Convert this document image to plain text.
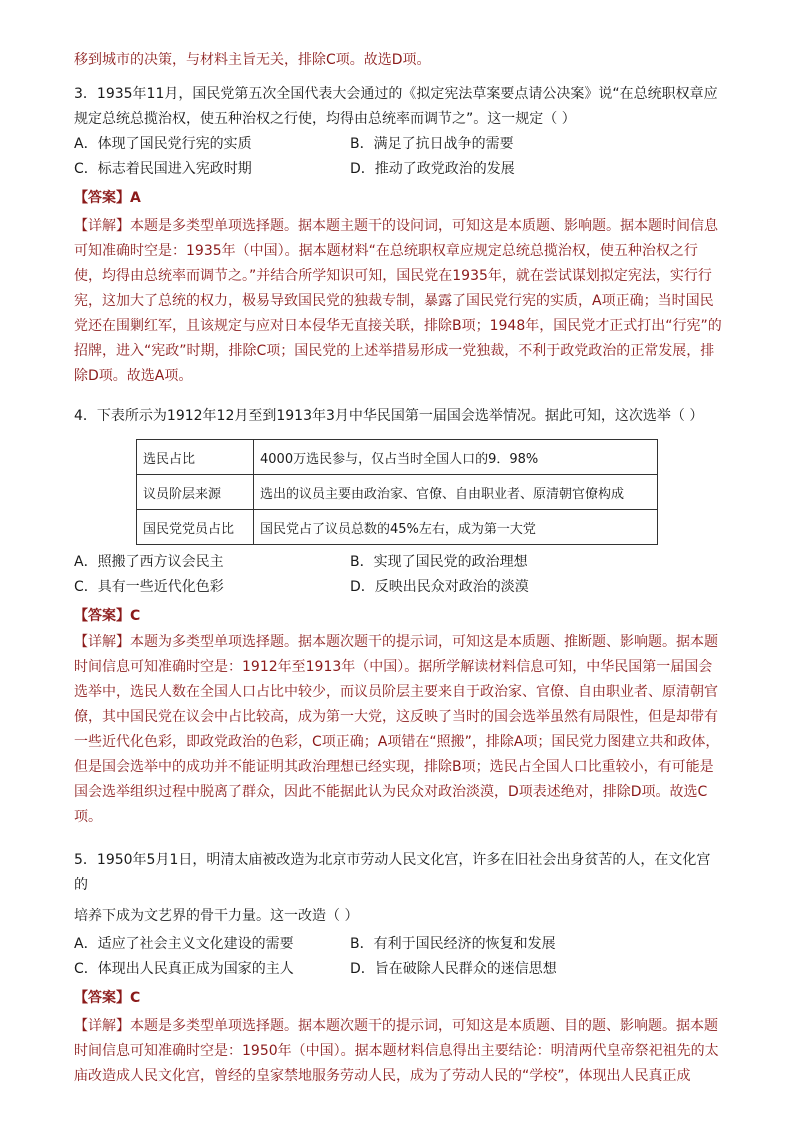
移到城市的决策，与材料主旨无关，排除C项。故选D项。

3．1935年11月，国民党第五次全国代表大会通过的《拟定宪法草案要点请公决案》说“在总统职权章应规定总统总揽治权，使五种治权之行使，均得由总统率而调节之”。这一规定（ ）

A．体现了国民党行宪的实质	B．满足了抗日战争的需要
C．标志着民国进入宪政时期	D．推动了政党政治的发展

【答案】A

【详解】本题是多类型单项选择题。据本题主题干的设问词，可知这是本质题、影响题。据本题时间信息可知准确时空是：1935年（中国）。据本题材料“在总统职权章应规定总统总揽治权，使五种治权之行使，均得由总统率而调节之。”并结合所学知识可知，国民党在1935年，就在尝试谋划拟定宪法，实行行宪，这加大了总统的权力，极易导致国民党的独裁专制，暴露了国民党行宪的实质，A项正确；当时国民党还在围剿红军，且该规定与应对日本侵华无直接关联，排除B项；1948年，国民党才正式打出“行宪”的招牌，进入“宪政”时期，排除C项；国民党的上述举措易形成一党独裁，不利于政党政治的正常发展，排除D项。故选A项。

4．下表所示为1912年12月至到1913年3月中华民国第一届国会选举情况。据此可知，这次选举（ ）

选民占比	4000万选民参与，仅占当时全国人口的9．98%
议员阶层来源	选出的议员主要由政治家、官僚、自由职业者、原清朝官僚构成
国民党党员占比	国民党占了议员总数的45%左右，成为第一大党
A．照搬了西方议会民主	B．实现了国民党的政治理想
C．具有一些近代化色彩	D．反映出民众对政治的淡漠

【答案】C

【详解】本题为多类型单项选择题。据本题次题干的提示词，可知这是本质题、推断题、影响题。据本题时间信息可知准确时空是：1912年至1913年（中国）。据所学解读材料信息可知，中华民国第一届国会选举中，选民人数在全国人口占比中较少，而议员阶层主要来自于政治家、官僚、自由职业者、原清朝官僚，其中国民党在议会中占比较高，成为第一大党，这反映了当时的国会选举虽然有局限性，但是却带有一些近代化色彩，即政党政治的色彩，C项正确；A项错在“照搬”，排除A项；国民党力图建立共和政体，但是国会选举中的成功并不能证明其政治理想已经实现，排除B项；选民占全国人口比重较小，有可能是国会选举组织过程中脱离了群众，因此不能据此认为民众对政治淡漠，D项表述绝对，排除D项。故选C项。

5．1950年5月1日，明清太庙被改造为北京市劳动人民文化宫，许多在旧社会出身贫苦的人，在文化宫的

培养下成为文艺界的骨干力量。这一改造（ ）

A．适应了社会主义文化建设的需要	B．有利于国民经济的恢复和发展
C．体现出人民真正成为国家的主人	D．旨在破除人民群众的迷信思想

【答案】C

【详解】本题是多类型单项选择题。据本题次题干的提示词，可知这是本质题、目的题、影响题。据本题时间信息可知准确时空是：1950年（中国）。据本题材料信息得出主要结论：明清两代皇帝祭祀祖先的太庙改造成人民文化宫，曾经的皇家禁地服务劳动人民，成为了劳动人民的“学校”，体现出人民真正成
